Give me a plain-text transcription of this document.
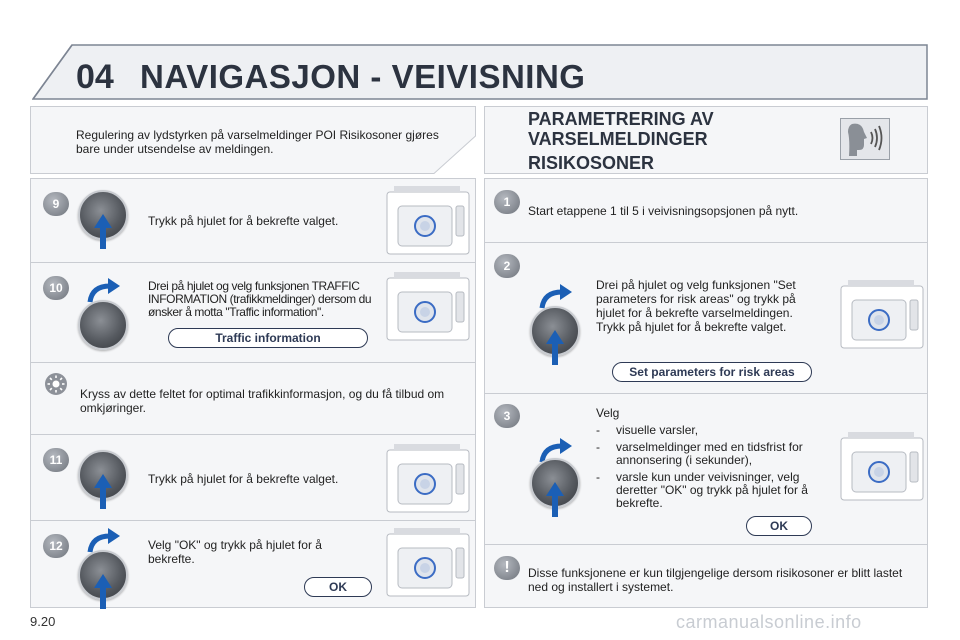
04 NAVIGASJON - VEIVISNING
Regulering av lydstyrken på varselmeldinger POI Risikosoner gjøres bare under utsendelse av meldingen.
9
Trykk på hjulet for å bekrefte valget.
10	Drei på hjulet og velg funksjonen TRAFFIC INFORMATION (trafikkmeldinger) dersom du ønsker å motta "Traffic information".
Traffic information
Kryss av dette feltet for optimal trafikkinformasjon, og du få tilbud om omkjøringer.
11
Trykk på hjulet for å bekrefte valget.
12	Velg "OK" og trykk på hjulet for å bekrefte.
OK
PARAMETRERING AV
VARSELMELDINGER
RISIKOSONER
1
Start etappene 1 til 5 i veivisningsopsjonen på nytt.
2
Drei på hjulet og velg funksjonen "Set parameters for risk areas" og trykk på hjulet for å bekrefte varselmeldingen. Trykk på hjulet for å bekrefte valget.
Set parameters for risk areas
3	Velg
- visuelle varsler,
- varselmeldinger med en tidsfrist for annonsering (i sekunder),
- varsle kun under veivisninger, velg deretter "OK" og trykk på hjulet for å bekrefte.
OK
!	Disse funksjonene er kun tilgjengelige dersom risikosoner er blitt lastet ned og installert i systemet.
9.20	carmanualsonline.info
